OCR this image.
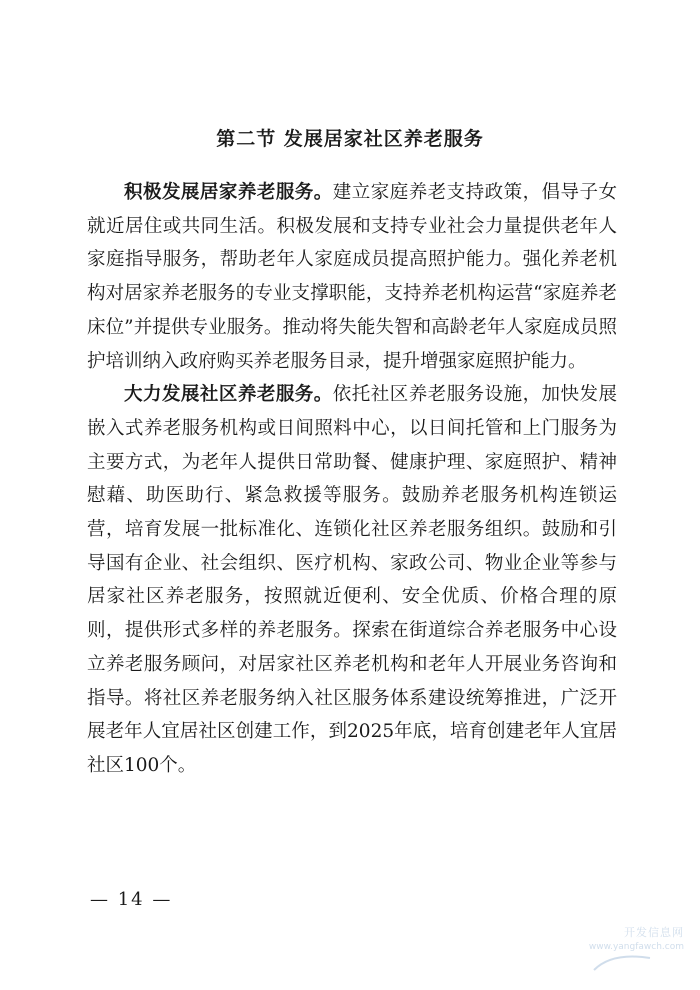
第二节 发展居家社区养老服务

积极发展居家养老服务。建立家庭养老支持政策，倡导子女就近居住或共同生活。积极发展和支持专业社会力量提供老年人家庭指导服务，帮助老年人家庭成员提高照护能力。强化养老机构对居家养老服务的专业支撑职能，支持养老机构运营“家庭养老床位”并提供专业服务。推动将失能失智和高龄老年人家庭成员照护培训纳入政府购买养老服务目录，提升增强家庭照护能力。

大力发展社区养老服务。依托社区养老服务设施，加快发展嵌入式养老服务机构或日间照料中心，以日间托管和上门服务为主要方式，为老年人提供日常助餐、健康护理、家庭照护、精神慰藉、助医助行、紧急救援等服务。鼓励养老服务机构连锁运营，培育发展一批标准化、连锁化社区养老服务组织。鼓励和引导国有企业、社会组织、医疗机构、家政公司、物业企业等参与居家社区养老服务，按照就近便利、安全优质、价格合理的原则，提供形式多样的养老服务。探索在街道综合养老服务中心设立养老服务顾问，对居家社区养老机构和老年人开展业务咨询和指导。将社区养老服务纳入社区服务体系建设统筹推进，广泛开展老年人宜居社区创建工作，到2025年底，培育创建老年人宜居社区100个。

— 14 —
开发信息网
www.yangfawch.com
